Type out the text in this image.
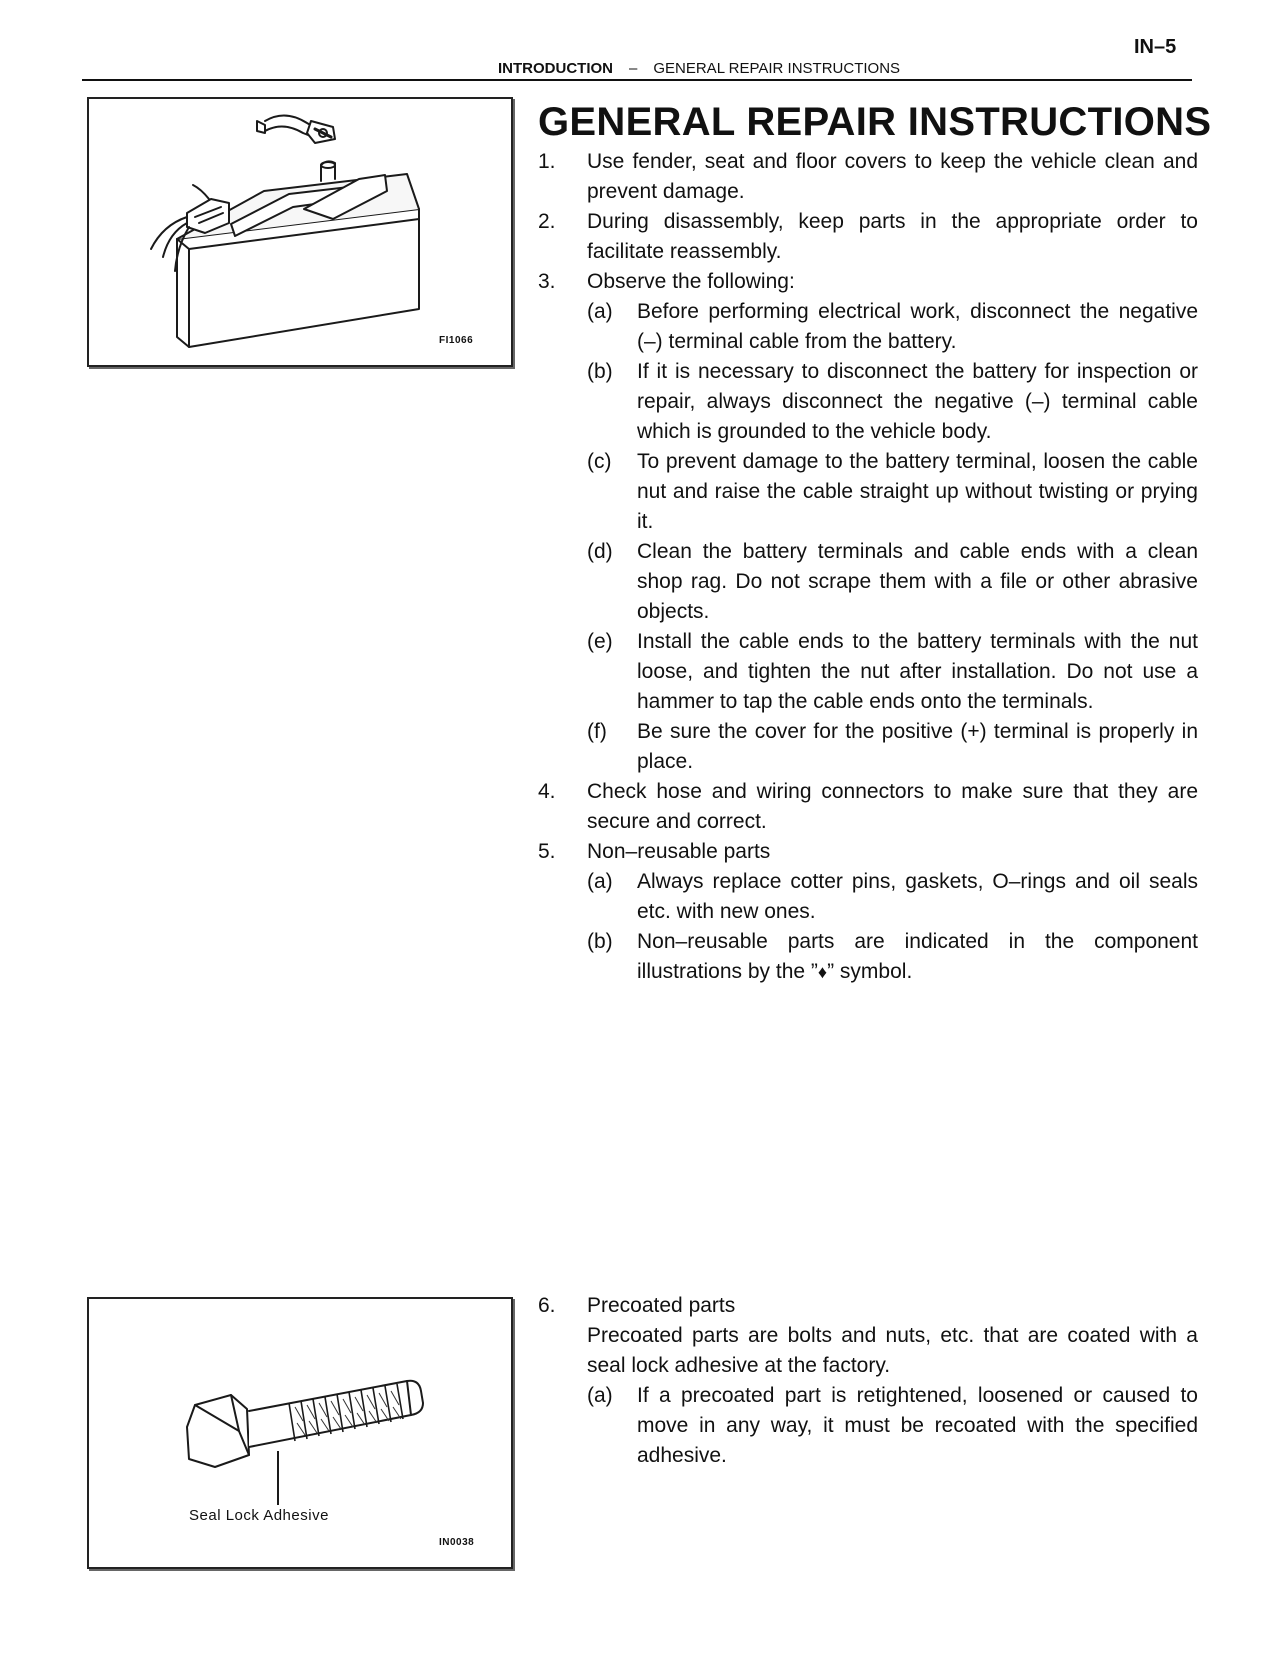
IN–5
INTRODUCTION – GENERAL REPAIR INSTRUCTIONS
FI1066
GENERAL REPAIR INSTRUCTIONS
1. Use fender, seat and floor covers to keep the vehicle clean and prevent damage.
2. During disassembly, keep parts in the appropriate order to facilitate reassembly.
3. Observe the following:
(a) Before performing electrical work, disconnect the negative (–) terminal cable from the battery.
(b) If it is necessary to disconnect the battery for inspection or repair, always disconnect the negative (–) terminal cable which is grounded to the vehicle body.
(c) To prevent damage to the battery terminal, loosen the cable nut and raise the cable straight up without twisting or prying it.
(d) Clean the battery terminals and cable ends with a clean shop rag. Do not scrape them with a file or other abrasive objects.
(e) Install the cable ends to the battery terminals with the nut loose, and tighten the nut after installation. Do not use a hammer to tap the cable ends onto the terminals.
(f) Be sure the cover for the positive (+) terminal is properly in place.
4. Check hose and wiring connectors to make sure that they are secure and correct.
5. Non–reusable parts
(a) Always replace cotter pins, gaskets, O–rings and oil seals etc. with new ones.
(b) Non–reusable parts are indicated in the component illustrations by the ”♦” symbol.
Seal Lock Adhesive
IN0038
6. Precoated parts
Precoated parts are bolts and nuts, etc. that are coated with a seal lock adhesive at the factory.
(a) If a precoated part is retightened, loosened or caused to move in any way, it must be recoated with the specified adhesive.
